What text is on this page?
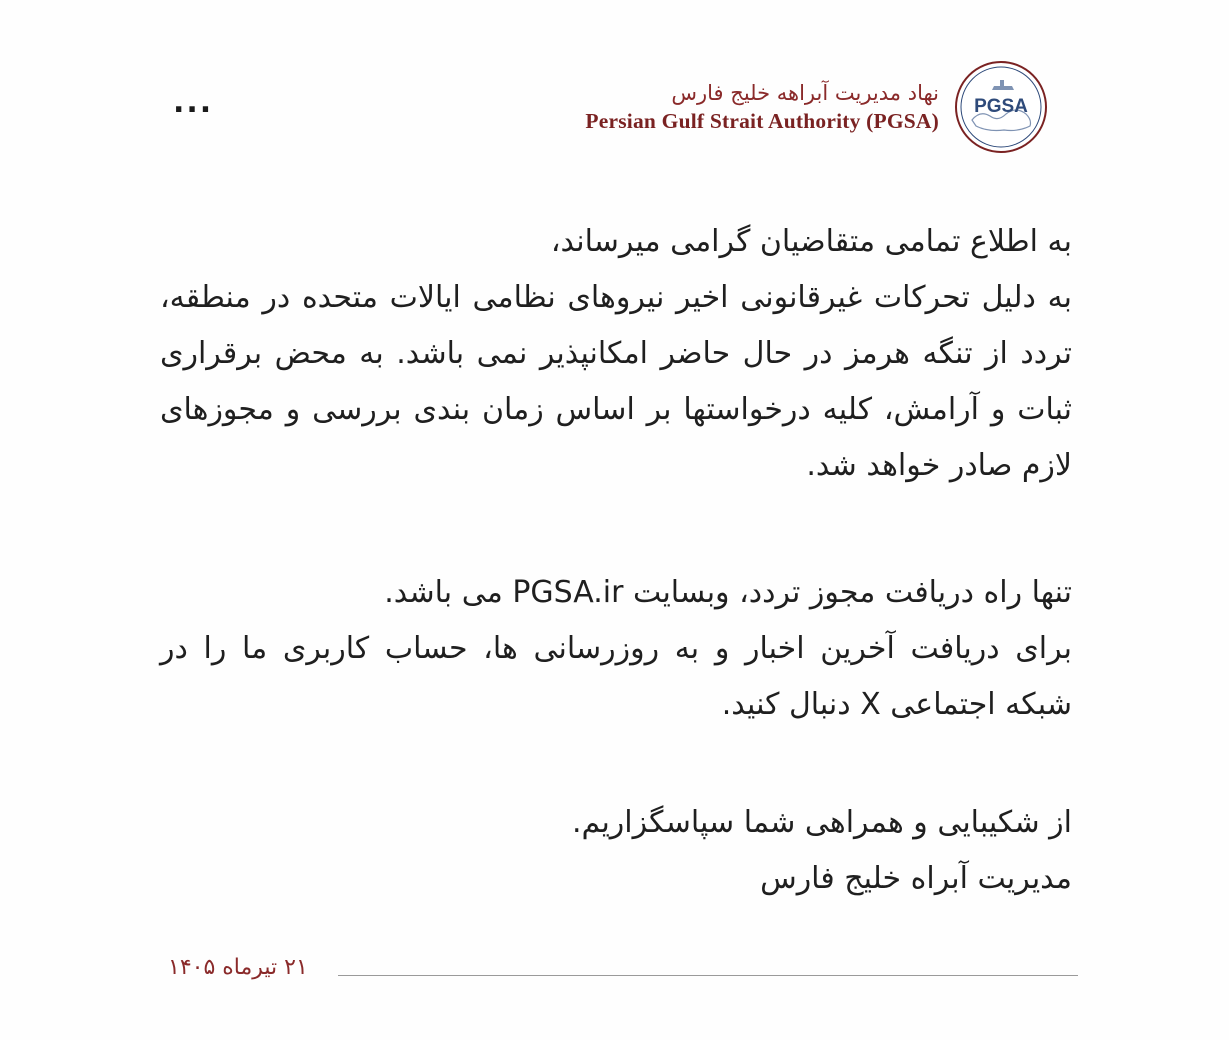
...	نهاد مدیریت آبراهه خلیج فارس
Persian Gulf Strait Authority (PGSA)
PGSA

به اطلاع تمامی متقاضیان گرامی میرساند،

به دلیل تحرکات غیرقانونی اخیر نیروهای نظامی ایالات متحده در منطقه، تردد از تنگه هرمز در حال حاضر امکانپذیر نمی باشد. به محض برقراری ثبات و آرامش، کلیه درخواستها بر اساس زمان بندی بررسی و مجوزهای لازم صادر خواهد شد.

تنها راه دریافت مجوز تردد، وبسایت PGSA.ir می باشد.

برای دریافت آخرین اخبار و به روزرسانی ها، حساب کاربری ما را در شبکه اجتماعی X دنبال کنید.

از شکیبایی و همراهی شما سپاسگزاریم.

مدیریت آبراه خلیج فارس

۲۱ تیرماه ۱۴۰۵
